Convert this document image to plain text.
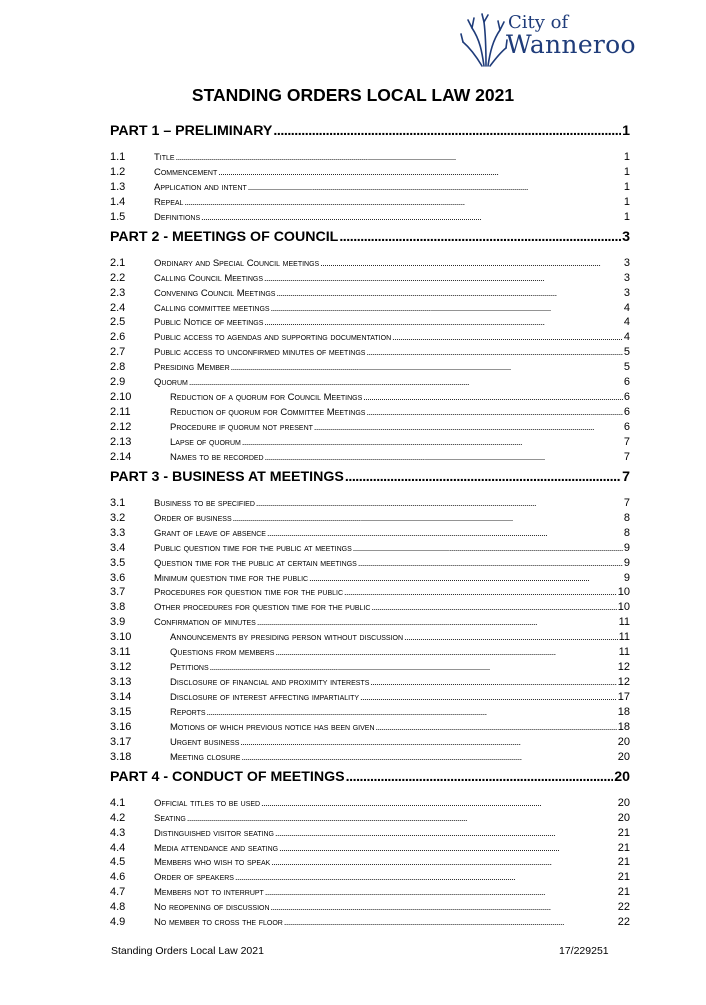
City of
Wanneroo
STANDING ORDERS LOCAL LAW 2021
PART 1 – PRELIMINARY . . .	1
1.1	Title . . .	1
1.2	Commencement . . .	1
1.3	Application and intent . . .	1
1.4	Repeal . . .	1
1.5	Definitions . . .	1
PART 2 - MEETINGS OF COUNCIL . . .	3
2.1	Ordinary and Special Council meetings . . .	3
2.2	Calling Council Meetings . . .	3
2.3	Convening Council Meetings . . .	3
2.4	Calling committee meetings . . .	4
2.5	Public Notice of meetings . . .	4
2.6	Public access to agendas and supporting documentation . . .	4
2.7	Public access to unconfirmed minutes of meetings . . .	5
2.8	Presiding Member . . .	5
2.9	Quorum . . .	6
2.10	Reduction of a quorum for Council Meetings . . .	6
2.11	Reduction of quorum for Committee Meetings . . .	6
2.12	Procedure if quorum not present . . .	6
2.13	Lapse of quorum . . .	7
2.14	Names to be recorded . . .	7
PART 3 - BUSINESS AT MEETINGS . . .	7
3.1	Business to be specified . . .	7
3.2	Order of business . . .	8
3.3	Grant of leave of absence . . .	8
3.4	Public question time for the public at meetings . . .	9
3.5	Question time for the public at certain meetings . . .	9
3.6	Minimum question time for the public . . .	9
3.7	Procedures for question time for the public . . .	10
3.8	Other procedures for question time for the public . . .	10
3.9	Confirmation of minutes . . .	11
3.10	Announcements by presiding person without discussion . . .	11
3.11	Questions from members . . .	11
3.12	Petitions . . .	12
3.13	Disclosure of financial and proximity interests . . .	12
3.14	Disclosure of interest affecting impartiality . . .	17
3.15	Reports . . .	18
3.16	Motions of which previous notice has been given . . .	18
3.17	Urgent business . . .	20
3.18	Meeting closure . . .	20
PART 4 - CONDUCT OF MEETINGS . . .	20
4.1	Official titles to be used . . .	20
4.2	Seating . . .	20
4.3	Distinguished visitor seating . . .	21
4.4	Media attendance and seating . . .	21
4.5	Members who wish to speak . . .	21
4.6	Order of speakers . . .	21
4.7	Members not to interrupt . . .	21
4.8	No reopening of discussion . . .	22
4.9	No member to cross the floor . . .	22
Standing Orders Local Law 2021	17/229251
